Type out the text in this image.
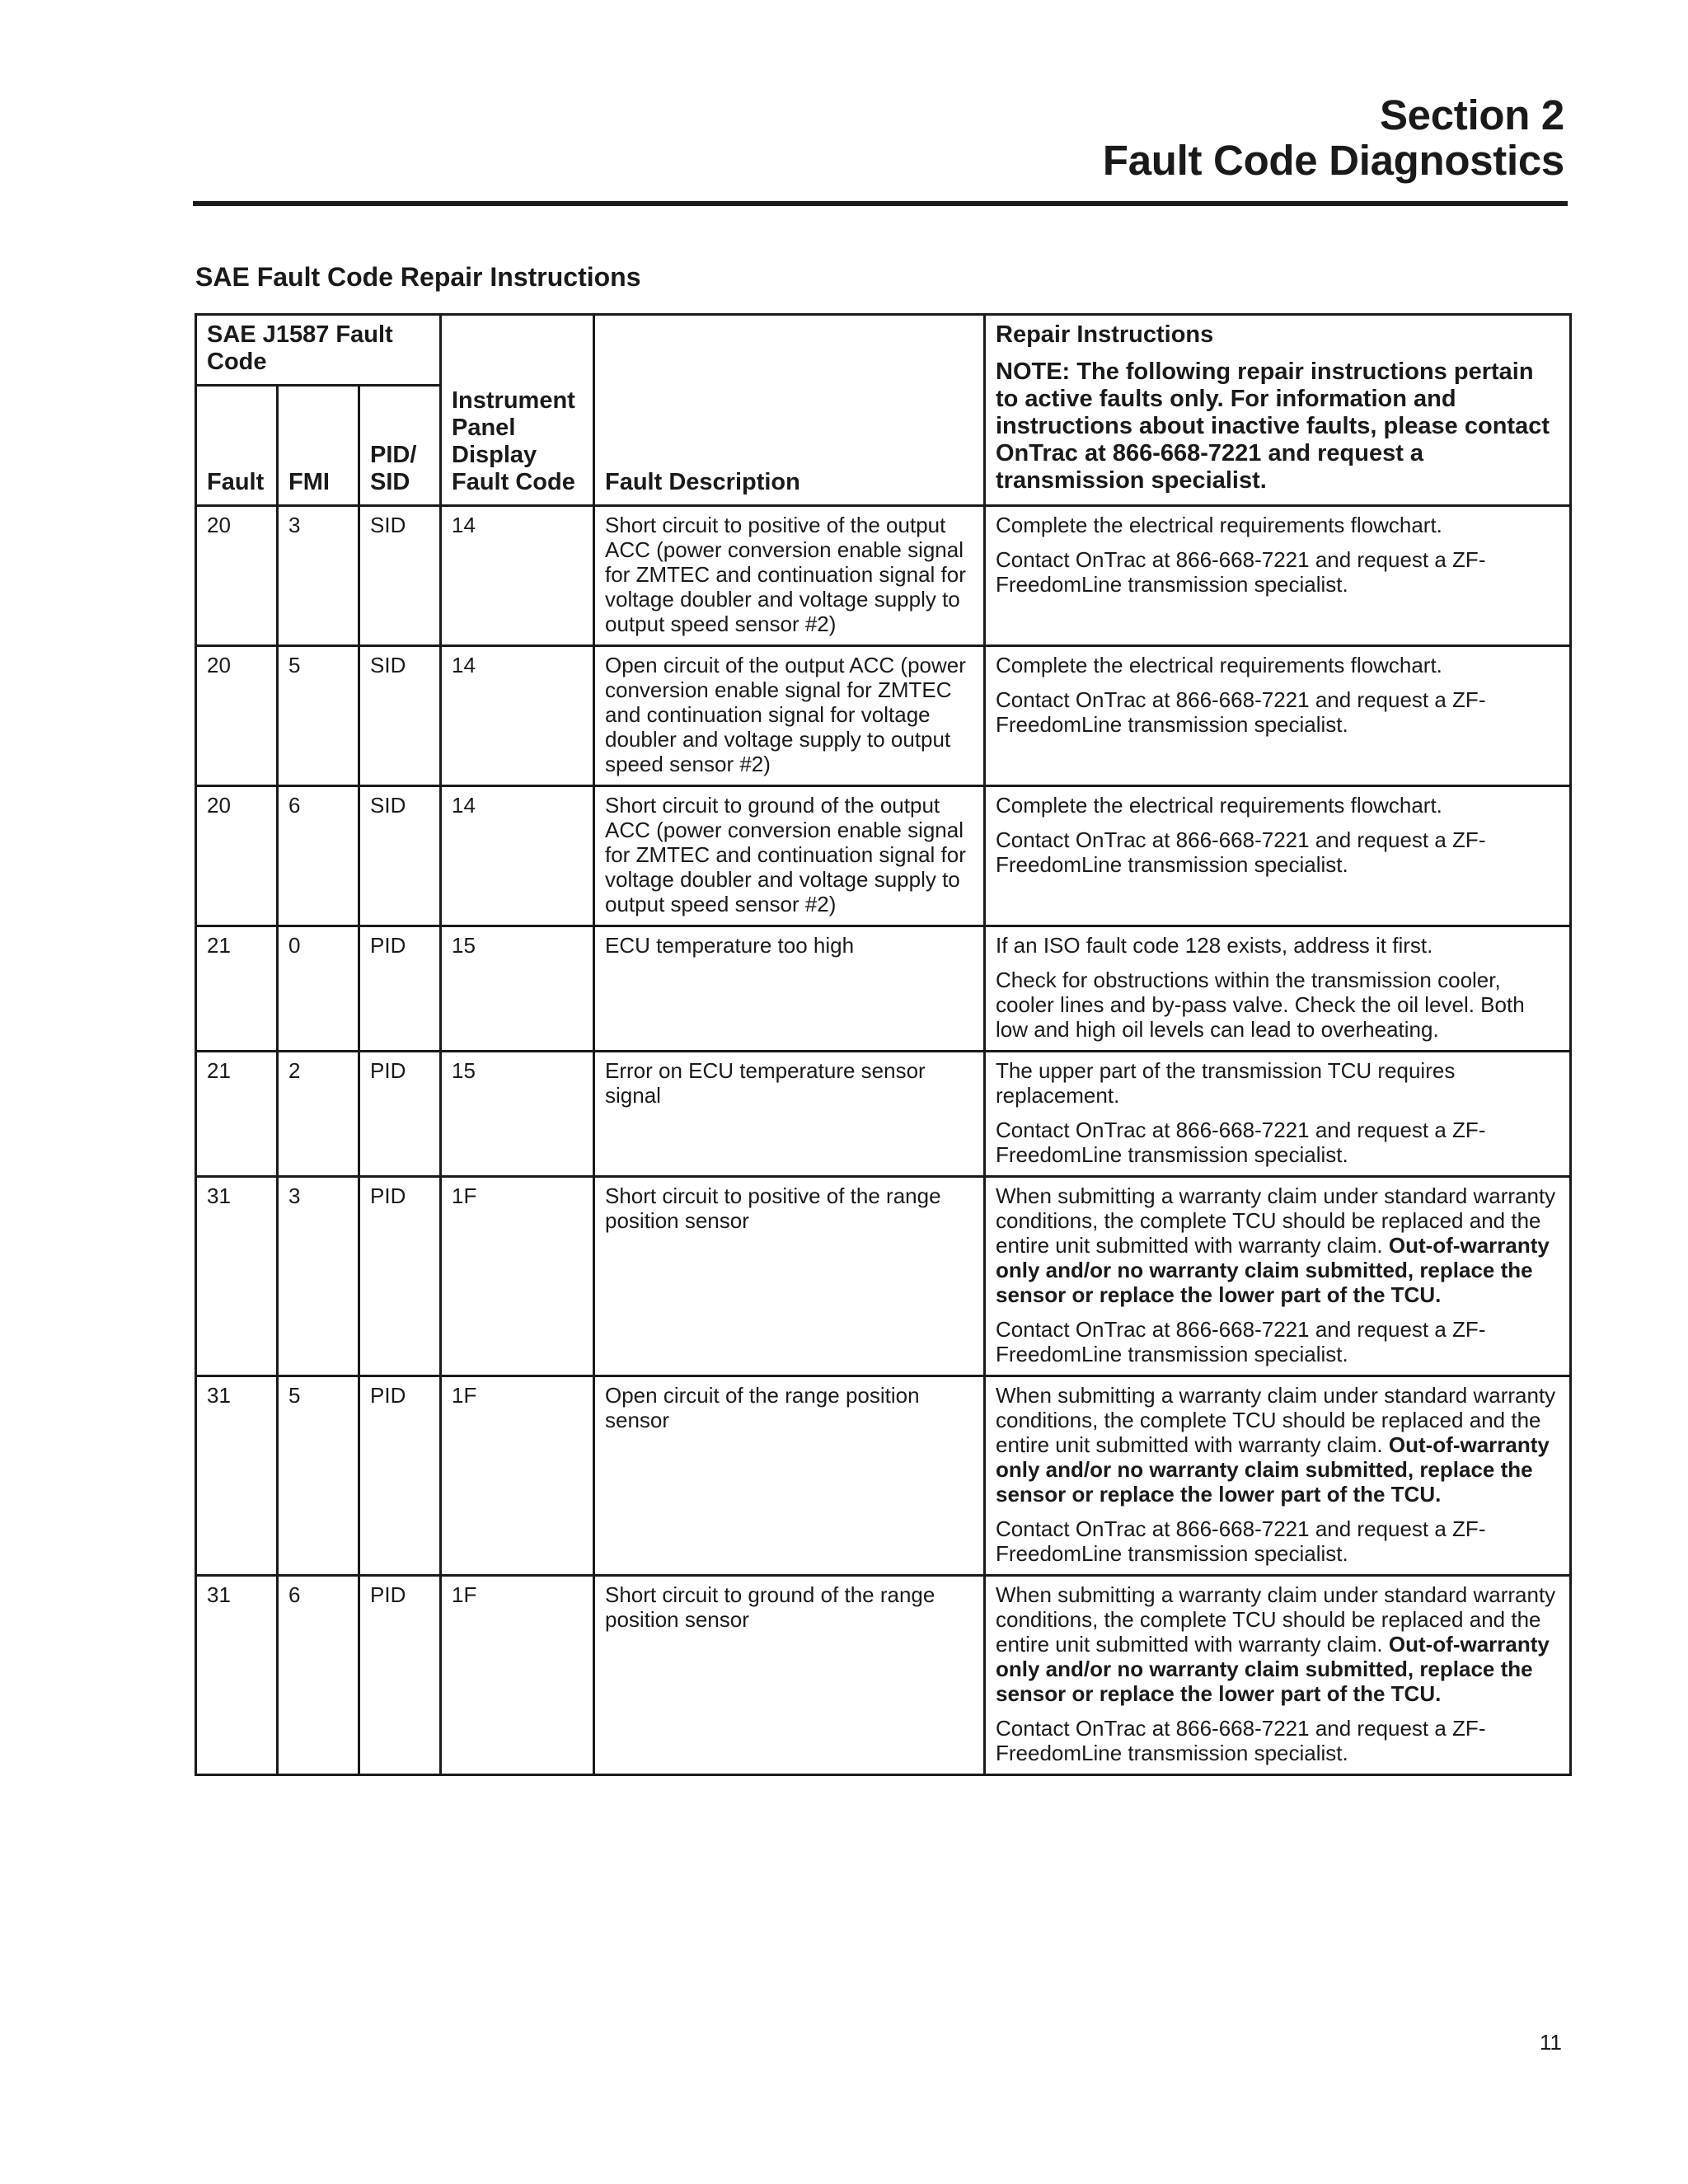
Section 2
Fault Code Diagnostics
SAE Fault Code Repair Instructions
SAE J1587 Fault Code			Instrument Panel Display Fault Code	Fault Description	Repair Instructions
NOTE: The following repair instructions pertain to active faults only. For information and instructions about inactive faults, please contact OnTrac at 866-668-7221 and request a transmission specialist.

Fault	FMI	PID/ SID			
20	3	SID	14	Short circuit to positive of the output ACC (power conversion enable signal for ZMTEC and continuation signal for voltage doubler and voltage supply to output speed sensor #2)	Complete the electrical requirements flowchart.

Contact OnTrac at 866-668-7221 and request a ZF-FreedomLine transmission specialist.

20	5	SID	14	Open circuit of the output ACC (power conversion enable signal for ZMTEC and continuation signal for voltage doubler and voltage supply to output speed sensor #2)	Complete the electrical requirements flowchart.

Contact OnTrac at 866-668-7221 and request a ZF-FreedomLine transmission specialist.

20	6	SID	14	Short circuit to ground of the output ACC (power conversion enable signal for ZMTEC and continuation signal for voltage doubler and voltage supply to output speed sensor #2)	Complete the electrical requirements flowchart.

Contact OnTrac at 866-668-7221 and request a ZF-FreedomLine transmission specialist.

21	0	PID	15	ECU temperature too high	If an ISO fault code 128 exists, address it first.

Check for obstructions within the transmission cooler, cooler lines and by-pass valve. Check the oil level. Both low and high oil levels can lead to overheating.

21	2	PID	15	Error on ECU temperature sensor signal	The upper part of the transmission TCU requires replacement.

Contact OnTrac at 866-668-7221 and request a ZF-FreedomLine transmission specialist.

31	3	PID	1F	Short circuit to positive of the range position sensor	When submitting a warranty claim under standard warranty conditions, the complete TCU should be replaced and the entire unit submitted with warranty claim. Out-of-warranty only and/or no warranty claim submitted, replace the sensor or replace the lower part of the TCU.

Contact OnTrac at 866-668-7221 and request a ZF-FreedomLine transmission specialist.

31	5	PID	1F	Open circuit of the range position sensor	When submitting a warranty claim under standard warranty conditions, the complete TCU should be replaced and the entire unit submitted with warranty claim. Out-of-warranty only and/or no warranty claim submitted, replace the sensor or replace the lower part of the TCU.

Contact OnTrac at 866-668-7221 and request a ZF-FreedomLine transmission specialist.

31	6	PID	1F	Short circuit to ground of the range position sensor	When submitting a warranty claim under standard warranty conditions, the complete TCU should be replaced and the entire unit submitted with warranty claim. Out-of-warranty only and/or no warranty claim submitted, replace the sensor or replace the lower part of the TCU.

Contact OnTrac at 866-668-7221 and request a ZF-FreedomLine transmission specialist.

11
